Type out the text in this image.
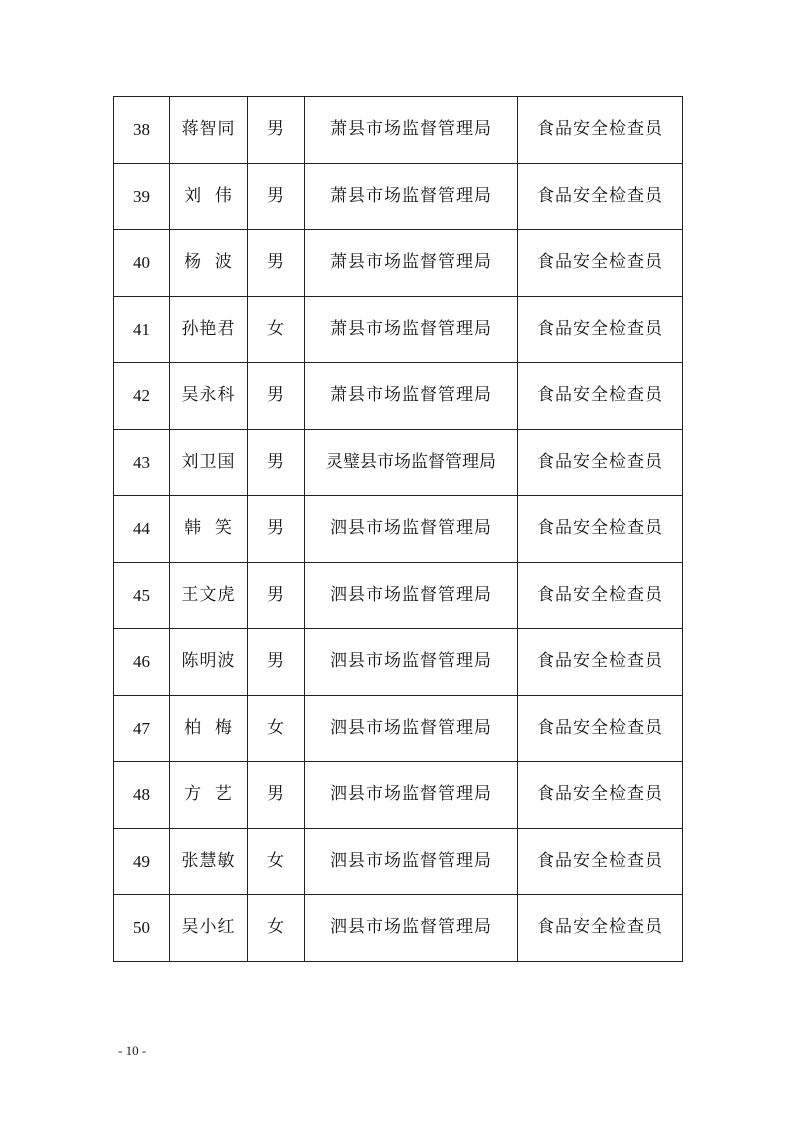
38	蒋智同	男	萧县市场监督管理局	食品安全检查员
39	刘  伟	男	萧县市场监督管理局	食品安全检查员
40	杨  波	男	萧县市场监督管理局	食品安全检查员
41	孙艳君	女	萧县市场监督管理局	食品安全检查员
42	吴永科	男	萧县市场监督管理局	食品安全检查员
43	刘卫国	男	灵璧县市场监督管理局	食品安全检查员
44	韩  笑	男	泗县市场监督管理局	食品安全检查员
45	王文虎	男	泗县市场监督管理局	食品安全检查员
46	陈明波	男	泗县市场监督管理局	食品安全检查员
47	柏  梅	女	泗县市场监督管理局	食品安全检查员
48	方  艺	男	泗县市场监督管理局	食品安全检查员
49	张慧敏	女	泗县市场监督管理局	食品安全检查员
50	吴小红	女	泗县市场监督管理局	食品安全检查员
- 10 -
